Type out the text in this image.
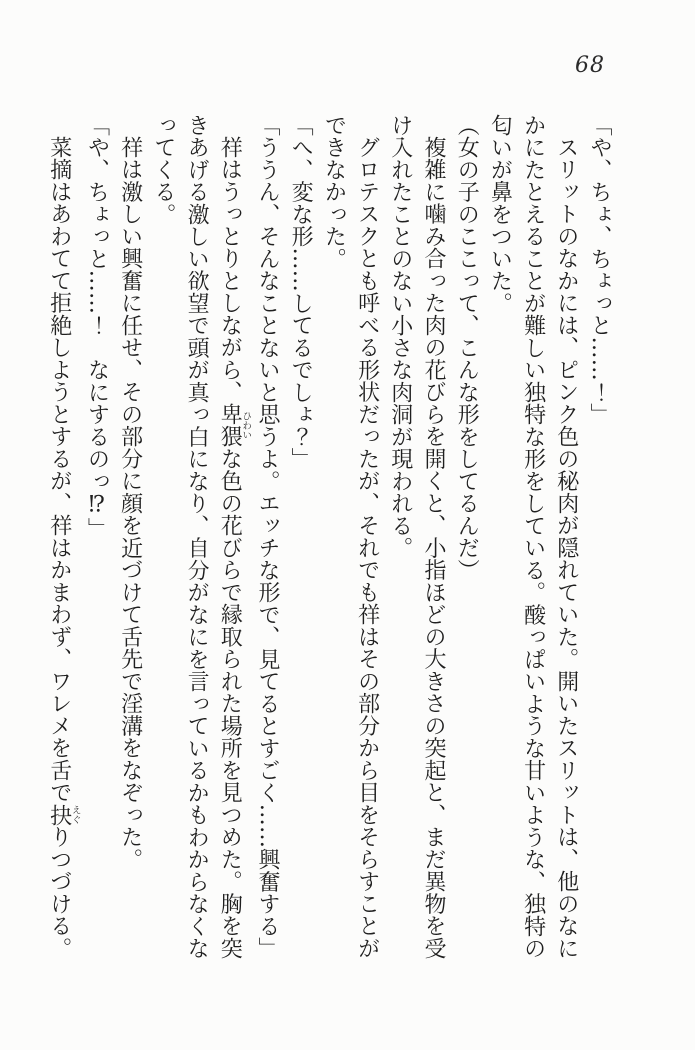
68
「や、ちょ、ちょっと……！」
スリットのなかには、ピンク色の秘肉が隠れていた。開いたスリットは、他のなに
かにたとえることが難しい独特な形をしている。酸っぱいような甘いような、独特の
匂いが鼻をついた。
（女の子のここって、こんな形をしてるんだ）
複雑に噛み合った肉の花びらを開くと、小指ほどの大きさの突起と、まだ異物を受
け入れたことのない小さな肉洞が現われる。
グロテスクとも呼べる形状だったが、それでも祥はその部分から目をそらすことが
できなかった。
「へ、変な形……してるでしょ？」
「ううん、そんなことないと思うよ。エッチな形で、見てるとすごく……興奮する」
祥はうっとりとしながら、卑猥ひわいな色の花びらで縁取られた場所を見つめた。胸を突
きあげる激しい欲望で頭が真っ白になり、自分がなにを言っているかもわからなくな
ってくる。
祥は激しい興奮に任せ、その部分に顔を近づけて舌先で淫溝をなぞった。
「や、ちょっと……！　なにするのっ⁉」
菜摘はあわてて拒絶しようとするが、祥はかまわず、ワレメを舌で抉えぐりつづける。
